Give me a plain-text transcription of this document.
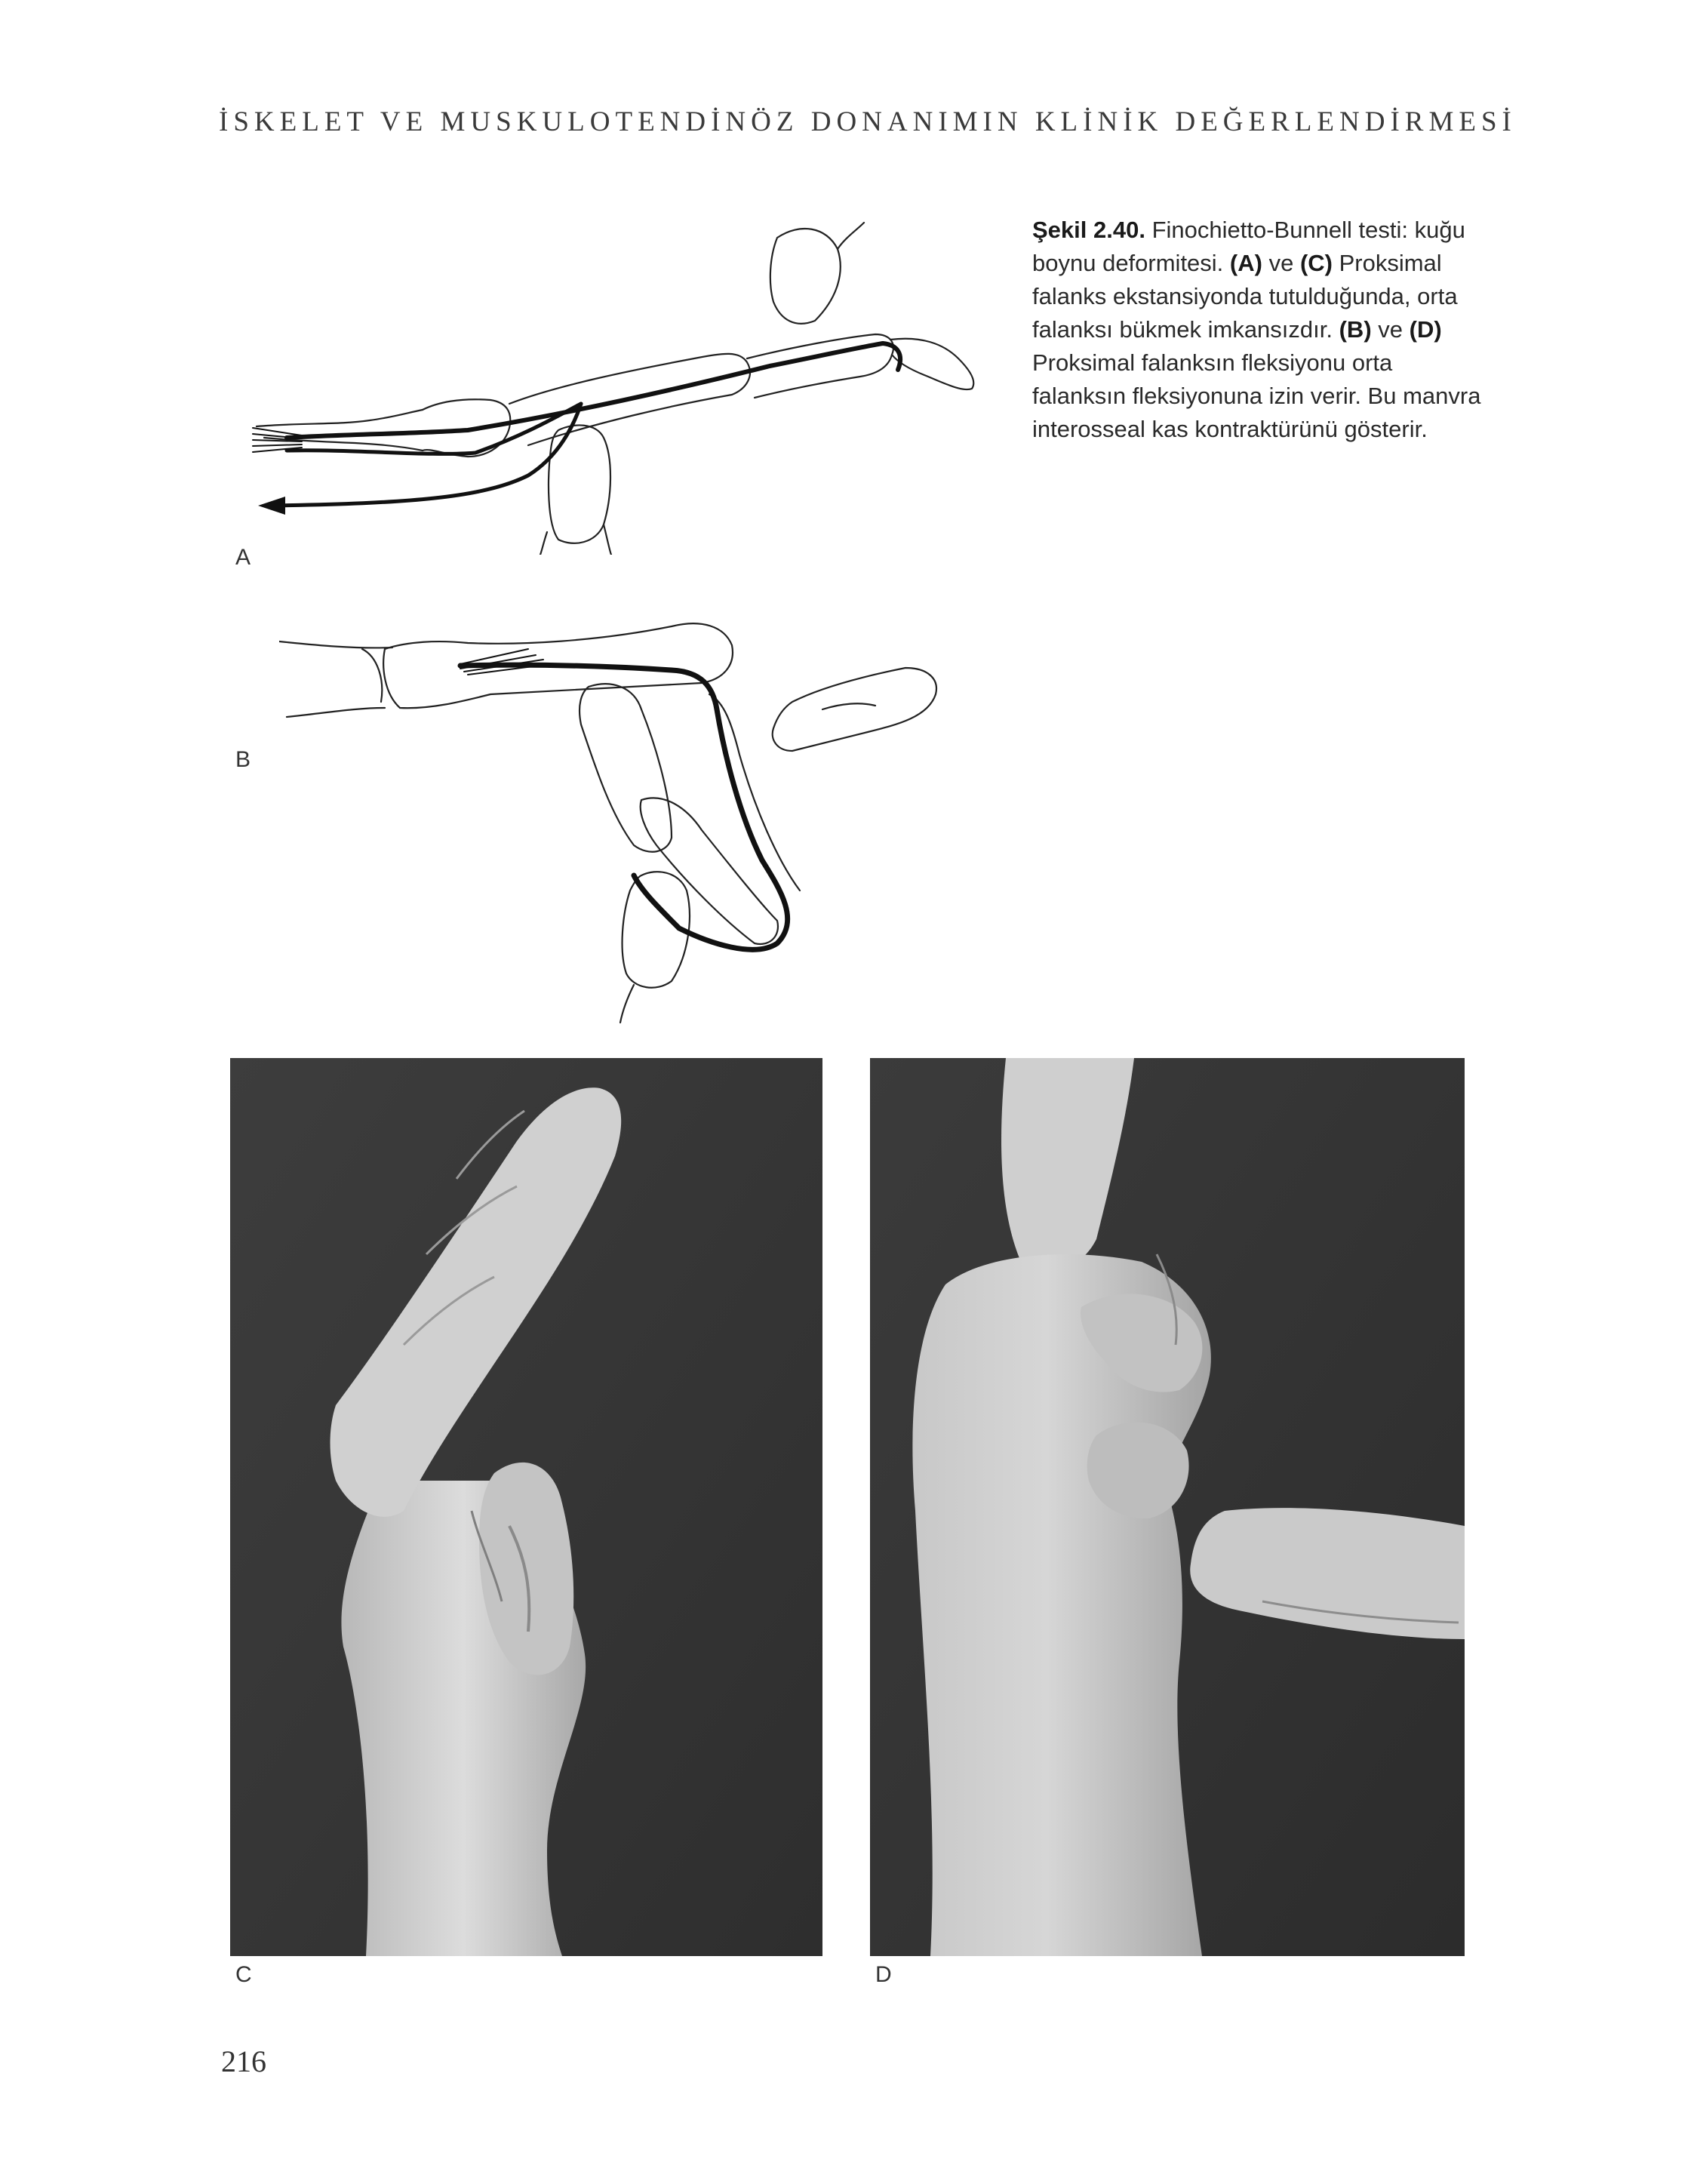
İSKELET VE MUSKULOTENDİNÖZ DONANIMIN KLİNİK DEĞERLENDİRMESİ
A
B
Şekil 2.40. Finochietto-Bunnell testi: kuğu boynu deformitesi. (A) ve (C) Proksimal falanks ekstansiyonda tutulduğunda, orta falanksı bükmek imkansızdır. (B) ve (D) Proksimal falanksın fleksiyonu orta falanksın fleksiyonuna izin verir. Bu manvra interosseal kas kontraktürünü gösterir.
C	D
216
